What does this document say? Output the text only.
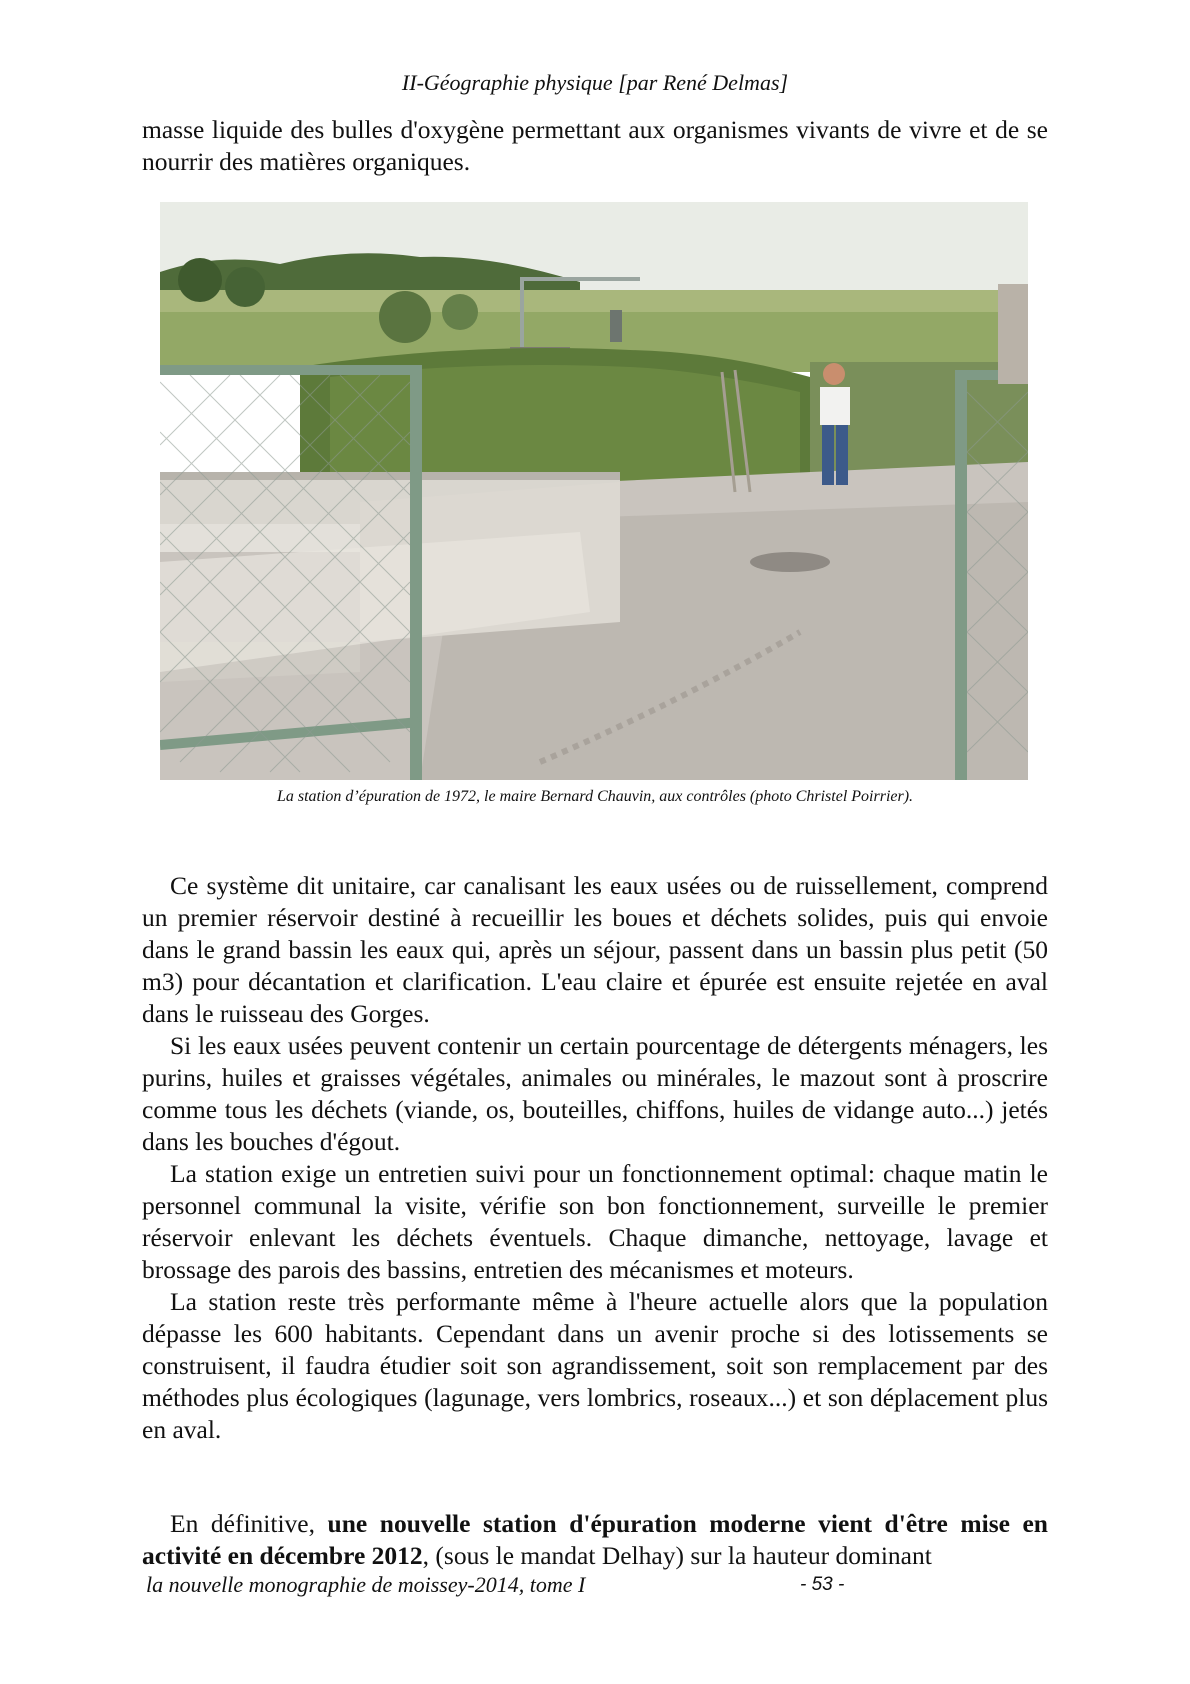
II-Géographie physique [par René Delmas]

masse liquide des bulles d'oxygène permettant aux organismes vivants de vivre et de se nourrir des matières organiques.

La station d’épuration de 1972, le maire Bernard Chauvin, aux contrôles (photo Christel Poirrier).

Ce système dit unitaire, car canalisant les eaux usées ou de ruissellement, comprend un premier réservoir destiné à recueillir les boues et déchets solides, puis qui envoie dans le grand bassin les eaux qui, après un séjour, passent dans un bassin plus petit (50 m3) pour décantation et clarification. L'eau claire et épurée est ensuite rejetée en aval dans le ruisseau des Gorges.

Si les eaux usées peuvent contenir un certain pourcentage de détergents ménagers, les purins, huiles et graisses végétales, animales ou minérales, le mazout sont à proscrire comme tous les déchets (viande, os, bouteilles, chiffons, huiles de vidange auto...) jetés dans les bouches d'égout.

La station exige un entretien suivi pour un fonctionnement optimal: chaque matin le personnel communal la visite, vérifie son bon fonctionnement, surveille le premier réservoir enlevant les déchets éventuels. Chaque dimanche, nettoyage, lavage et brossage des parois des bassins, entretien des mécanismes et moteurs.

La station reste très performante même à l'heure actuelle alors que la population dépasse les 600 habitants. Cependant dans un avenir proche si des lotissements se construisent, il faudra étudier soit son agrandissement, soit son remplacement par des méthodes plus écologiques (lagunage, vers lombrics, roseaux...) et son déplacement plus en aval.

En définitive, une nouvelle station d'épuration moderne vient d'être mise en activité en décembre 2012, (sous le mandat Delhay) sur la hauteur dominant

la nouvelle monographie de moissey-2014, tome I	- 53 -
